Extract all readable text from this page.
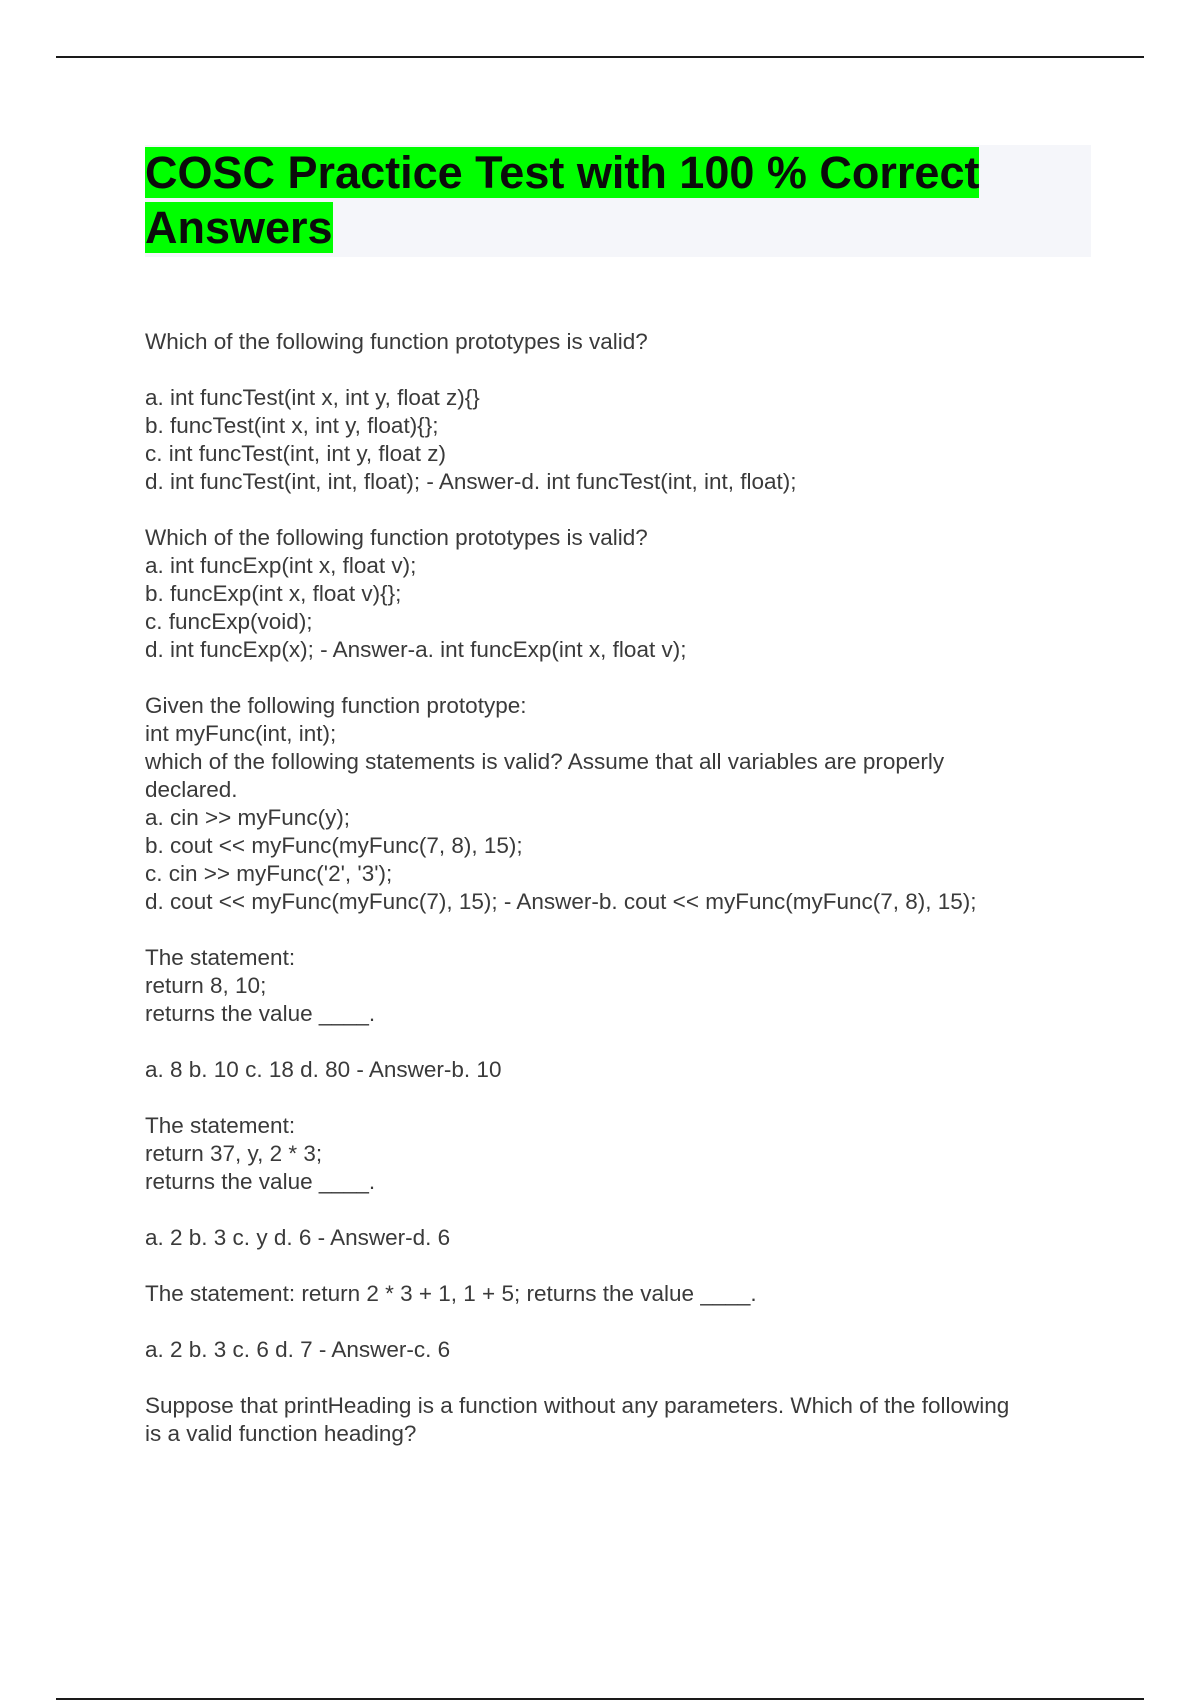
COSC Practice Test with 100 % Correct Answers
Which of the following function prototypes is valid?
a. int funcTest(int x, int y, float z){}
b. funcTest(int x, int y, float){};
c. int funcTest(int, int y, float z)
d. int funcTest(int, int, float); - Answer-d. int funcTest(int, int, float);
Which of the following function prototypes is valid?
a. int funcExp(int x, float v);
b. funcExp(int x, float v){};
c. funcExp(void);
d. int funcExp(x); - Answer-a. int funcExp(int x, float v);
Given the following function prototype:
int myFunc(int, int);
which of the following statements is valid? Assume that all variables are properly
declared.
a. cin >> myFunc(y);
b. cout << myFunc(myFunc(7, 8), 15);
c. cin >> myFunc('2', '3');
d. cout << myFunc(myFunc(7), 15); - Answer-b. cout << myFunc(myFunc(7, 8), 15);
The statement:
return 8, 10;
returns the value ____.
a. 8 b. 10 c. 18 d. 80 - Answer-b. 10
The statement:
return 37, y, 2 * 3;
returns the value ____.
a. 2 b. 3 c. y d. 6 - Answer-d. 6
The statement: return 2 * 3 + 1, 1 + 5; returns the value ____.
a. 2 b. 3 c. 6 d. 7 - Answer-c. 6
Suppose that printHeading is a function without any parameters. Which of the following
is a valid function heading?
